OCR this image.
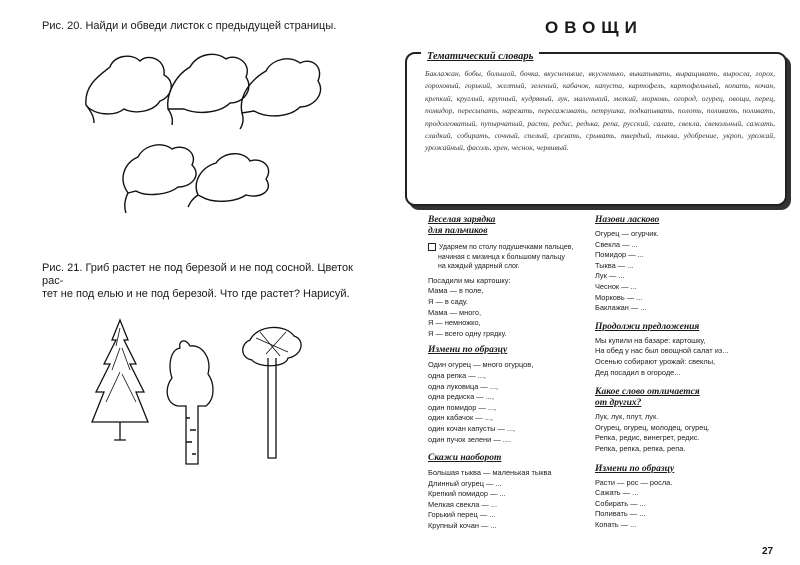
Рис. 20. Найди и обведи листок с предыдущей страницы.
Рис. 21. Гриб растет не под березой и не под сосной. Цветок рас-
тет не под елью и не под березой. Что где растет? Нарисуй.
ОВОЩИ
Тематический словарь
Баклажан, бобы, большой, бочка, вкусненькие, вкусненько, выкапывать, выращивать, выросла, горох, гороховый, горький, желтый, зеленый, кабачок, капуста, картофель, картофельный, копать, кочан, крепкий, круглый, крупный, кудрявый, лук, маленький, мелкий, морковь, огород, огурец, овощи, перец, помидор, пересыпать, нарезать, пересаживать, петрушка, подкапывать, полоть, поливать, поливать, продолговатый, пупырчатый, расти, редис, редька, репа, русский, салат, свекла, свекольный, сажать, сладкий, собирать, сочный, спелый, срезать, срывать, твердый, тыква, удобрение, укроп, урожай, урожайный, фасоль, хрен, чеснок, червивый.
Веселая зарядка
для пальчиков
Ударяем по столу подушечками пальцев,
начиная с мизинца к большому пальцу
на каждый ударный слог.
Посадили мы картошку:
Мама — в поле,
Я — в саду.
Мама — много,
Я — немножко,
Я — всего одну грядку.
Измени по образцу
Один огурец — много огурцов,
одна репка — ...,
одна луковица — ...,
одна редиска — ...,
один помидор — ...,
один кабачок — ...,
один кочан капусты — ...,
один пучок зелени — ....
Скажи наоборот
Большая тыква — маленькая тыква
Длинный огурец — ...
Крепкий помидор — ...
Мелкая свекла — ...
Горький перец — ...
Крупный кочан — ...
Назови ласково
Огурец — огурчик.
Свекла — ...
Помидор — ...
Тыква — ...
Лук — ...
Чеснок — ...
Морковь — ...
Баклажан — ...
Продолжи предложения
Мы купили на базаре: картошку,
На обед у нас был овощной салат из...
Осенью собирают урожай: свеклы,
Дед посадил в огороде...
Какое слово отличается
от других?
Лук, лук, плут, лук.
Огурец, огурец, молодец, огурец.
Репка, редис, винегрет, редис.
Репка, репка, репка, репа.
Измени по образцу
Расти — рос — росла.
Сажать — ...
Собирать — ...
Поливать — ...
Копать — ...
27
